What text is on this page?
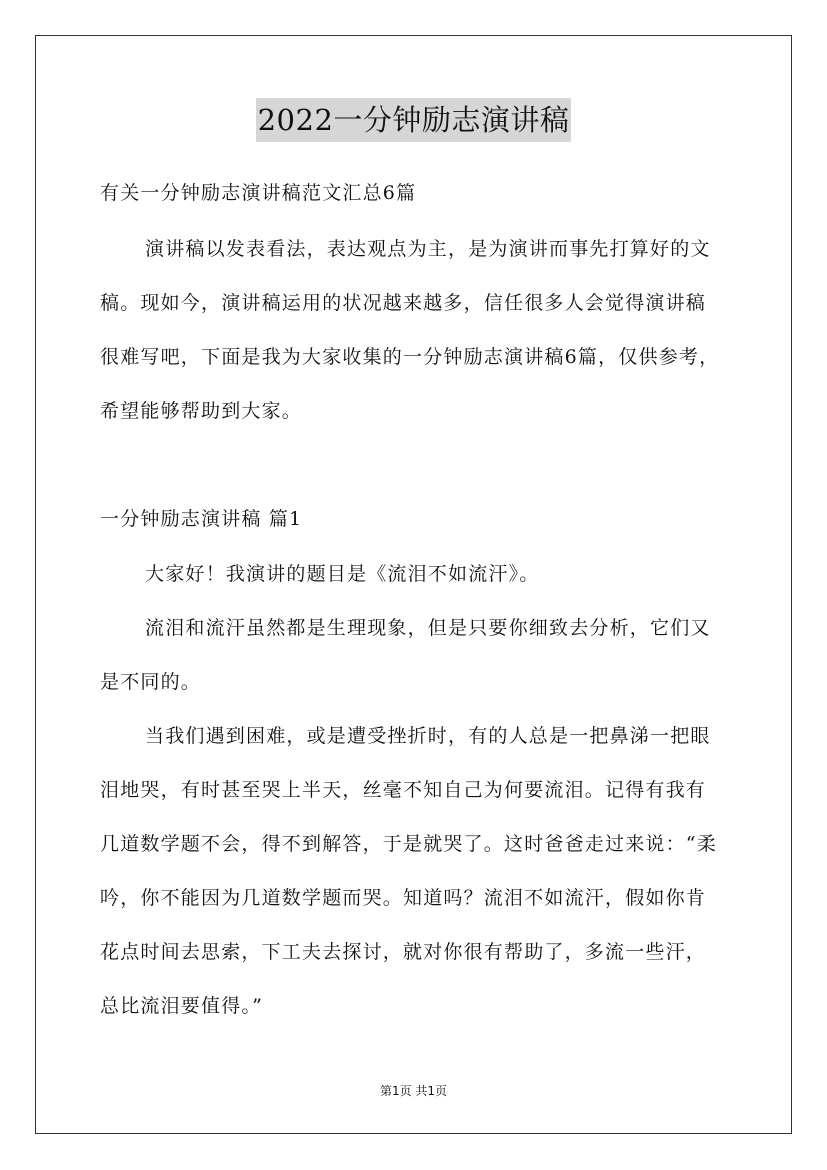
2022一分钟励志演讲稿
有关一分钟励志演讲稿范文汇总6篇
演讲稿以发表看法，表达观点为主，是为演讲而事先打算好的文
稿。现如今，演讲稿运用的状况越来越多，信任很多人会觉得演讲稿
很难写吧，下面是我为大家收集的一分钟励志演讲稿6篇，仅供参考，
希望能够帮助到大家。
一分钟励志演讲稿 篇1
大家好！我演讲的题目是《流泪不如流汗》。
流泪和流汗虽然都是生理现象，但是只要你细致去分析，它们又
是不同的。
当我们遇到困难，或是遭受挫折时，有的人总是一把鼻涕一把眼
泪地哭，有时甚至哭上半天，丝毫不知自己为何要流泪。记得有我有
几道数学题不会，得不到解答，于是就哭了。这时爸爸走过来说：“柔
吟，你不能因为几道数学题而哭。知道吗？流泪不如流汗，假如你肯
花点时间去思索，下工夫去探讨，就对你很有帮助了，多流一些汗，
总比流泪要值得。”
第1页 共1页
